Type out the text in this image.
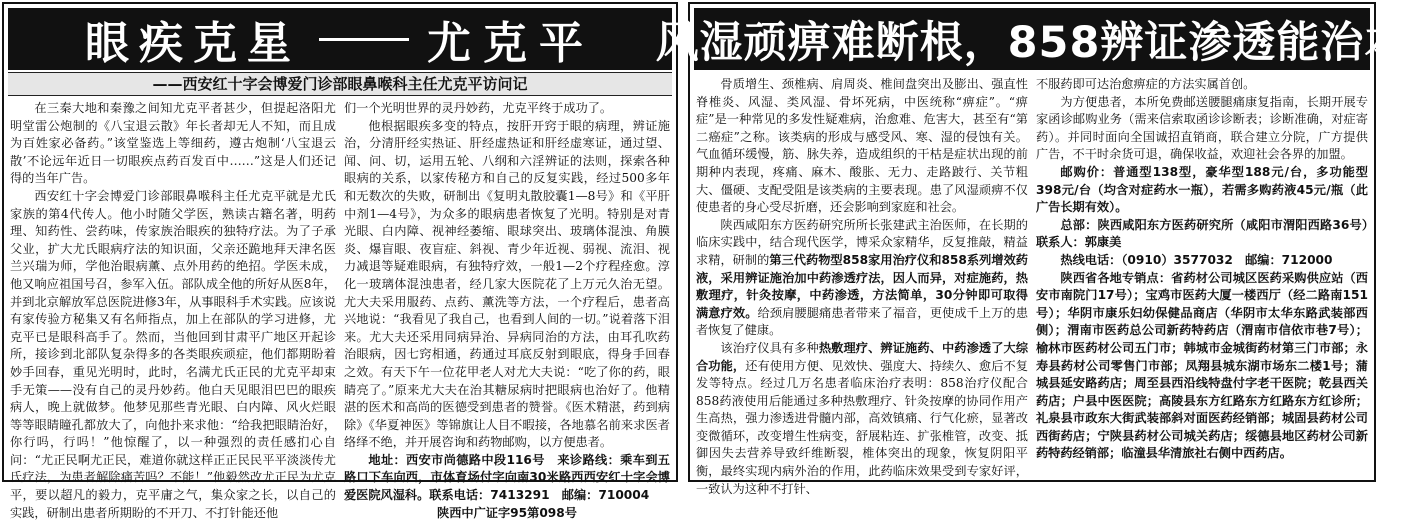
眼疾克星	尤克平
——西安红十字会博爱门诊部眼鼻喉科主任尤克平访问记

在三秦大地和秦豫之间知尤克平者甚少，但提起洛阳尤明堂雷公炮制的《八宝退云散》年长者却无人不知，而且成为百姓家必备药。”该堂鉴选上等细药，遵古炮制‘八宝退云散’不论远年近日一切眼疾点药百发百中……”这是人们还记得的当年广告。

西安红十字会博爱门诊部眼鼻喉科主任尤克平就是尤氏家族的第4代传人。他小时随父学医，熟读古籍名著，明药理、知药性、尝药味，传家族治眼疾的独特疗法。为了子承父业，扩大尤氏眼病疗法的知识面，父亲还跪地拜天津名医兰兴瑞为师，学他治眼病薰、点外用药的绝招。学医未成，他又响应祖国号召，参军入伍。部队成全他的所好从医8年，并到北京解放军总医院进修3年，从事眼科手术实践。应该说有家传验方秘集又有名师指点，加上在部队的学习进修，尤克平已是眼科高手了。然而，当他回到甘肃平广地区开起诊所，接诊到北部队复杂得多的各类眼疾顽症，他们都期盼着妙手回春，重见光明时，此时，名满尤氏正民的尤克平却束手无策——没有自己的灵丹妙药。他白天见眼泪巴巴的眼疾病人，晚上就做梦。他梦见那些青光眼、白内障、风火烂眼等等眼睛瞳孔都放大了，向他扑来求他：“给我把眼睛治好，你行吗，行吗！”他惊醒了，以一种强烈的责任感扪心自问：“尤正民啊尤正民，难道你就这样正正民民平平淡淡传尤氏疗法，为患者解除痛苦吗？不能！”他毅然改尤正民为尤克平，要以超凡的毅力，克平庸之气，集众家之长，以自己的实践，研制出患者所期盼的不开刀、不打针能还他

们一个光明世界的灵丹妙药，尤克平终于成功了。

他根据眼疾多变的特点，按肝开窍于眼的病理，辨证施治，分清肝经实热证、肝经虚热证和肝经虚寒证，通过望、闻、问、切，运用五轮、八纲和六淫辨证的法则，探索各种眼病的关系，以家传秘方和自己的反复实践，经过500多年和无数次的失败，研制出《复明丸散胶囊1—8号》和《平肝中剂1—4号》，为众多的眼病患者恢复了光明。特别是对青光眼、白内障、视神经萎缩、眼球突出、玻璃体混浊、角膜炎、爆盲眼、夜盲症、斜视、青少年近视、弱视、流泪、视力减退等疑难眼病，有独特疗效，一般1—2个疗程痊愈。淳化一玻璃体混浊患者，经几家大医院花了上万元久治无望。尤大夫采用服药、点药、薰洗等方法，一个疗程后，患者高兴地说：“我看见了我自己，也看到人间的一切。”说着落下泪来。尤大夫还采用同病异治、异病同治的方法，由耳孔吹药治眼病，因七窍相通，药通过耳底反射到眼底，得身手回春之效。有天下午一位花甲老人对尤大夫说：“吃了你的药，眼睛亮了。”原来尤大夫在治其糖尿病时把眼病也治好了。他精湛的医术和高尚的医德受到患者的赞誉。《医术精湛，药到病除》《华夏神医》等锦旗让人目不暇接，各地慕名前来求医者络绎不绝，并开展咨询和药物邮购，以方便患者。

地址：西安市尚德路中段116号　来诊路线：乘车到五路口下车向西，市体育场付字向南30米路西西安红十字会博爱医院风湿科。联系电话：7413291　邮编：710004

陕西中广证字95第098号

风湿顽痹难断根，858辨证渗透能治本

骨质增生、颈椎病、肩周炎、椎间盘突出及膨出、强直性脊椎炎、风湿、类风湿、骨坏死病，中医统称“痹症”。“痹症”是一种常见的多发性疑难病，治愈难、危害大，甚至有“第二癌症”之称。该类病的形成与感受风、寒、湿的侵蚀有关。气血循环缓慢，筋、脉失养，造成组织的干枯是症状出现的前期种内表现，疼痛、麻木、酸胀、无力、走路跛行、关节粗大、僵硬、支配受阻是该类病的主要表现。患了风湿顽痹不仅使患者的身心受尽折磨，还会影响到家庭和社会。

陕西咸阳东方医药研究所所长张建武主治医师，在长期的临床实践中，结合现代医学，博采众家精华，反复推敲，精益求精，研制的第三代药物型858家用治疗仪和858系列增效药液，采用辨证施治加中药渗透疗法，因人而异，对症施药，热敷理疗，针灸按摩，中药渗透，方法简单，30分钟即可取得满意疗效。给颈肩腰腿痛患者带来了福音，更使成千上万的患者恢复了健康。

该治疗仪具有多种热敷理疗、辨证施药、中药渗透了大综合功能，还有使用方便、见效快、强度大、持续久、愈后不复发等特点。经过几万名患者临床治疗表明：858治疗仪配合858药液使用后能通过多种热敷理疗、针灸按摩的协同作用产生高热，强力渗透进骨髓内部，高效镇痛、行气化瘀，显著改变微循环，改变增生性病变，舒展粘连、扩张椎管，改变、抵御因失去营养导致纤维断裂，椎体突出的现象，恢复阴阳平衡，最终实现内病外治的作用，此药临床效果受到专家好评，一致认为这种不打针、

不服药即可达治愈痹症的方法实属首创。

为方便患者，本所免费邮送腰腿痛康复指南，长期开展专家函诊邮购业务（需来信索取函诊诊断表；诊断准确，对症寄药）。并同时面向全国诚招直销商，联合建立分院，广方提供广告，不干时余货可退，确保收益，欢迎社会各界的加盟。

邮购价：普通型138型，豪华型188元/台，多功能型398元/台（均含对症药水一瓶），若需多购药液45元/瓶（此广告长期有效）。

总部：陕西咸阳东方医药研究所（咸阳市渭阳西路36号）联系人：郭康美

热线电话：（0910）3577032　邮编：712000

陕西省各地专销点：省药材公司城区医药采购供应站（西安市南院门17号）；宝鸡市医药大厦一楼西厅（经二路南151号）；华阴市康乐妇幼保健品商店（华阴市太华东路武装部西侧）；渭南市医药总公司新药特药店（渭南市信依市巷7号）；榆林市医药材公司五门市；韩城市金城街药材第三门市部；永寿县药材公司零售门市部；凤翔县城东湖市场东二楼1号；蒲城县延安路药店；周至县西沿线特盘付字老干医院；乾县西关药店；户县中医医院；高陵县东方红路东方红路东方红诊所；礼泉县市政东大街武装部斜对面医药经销部；城固县药材公司西街药店；宁陕县药材公司城关药店；绥德县地区药材公司新药特药经销部；临潼县华清旅社右侧中西药店。
